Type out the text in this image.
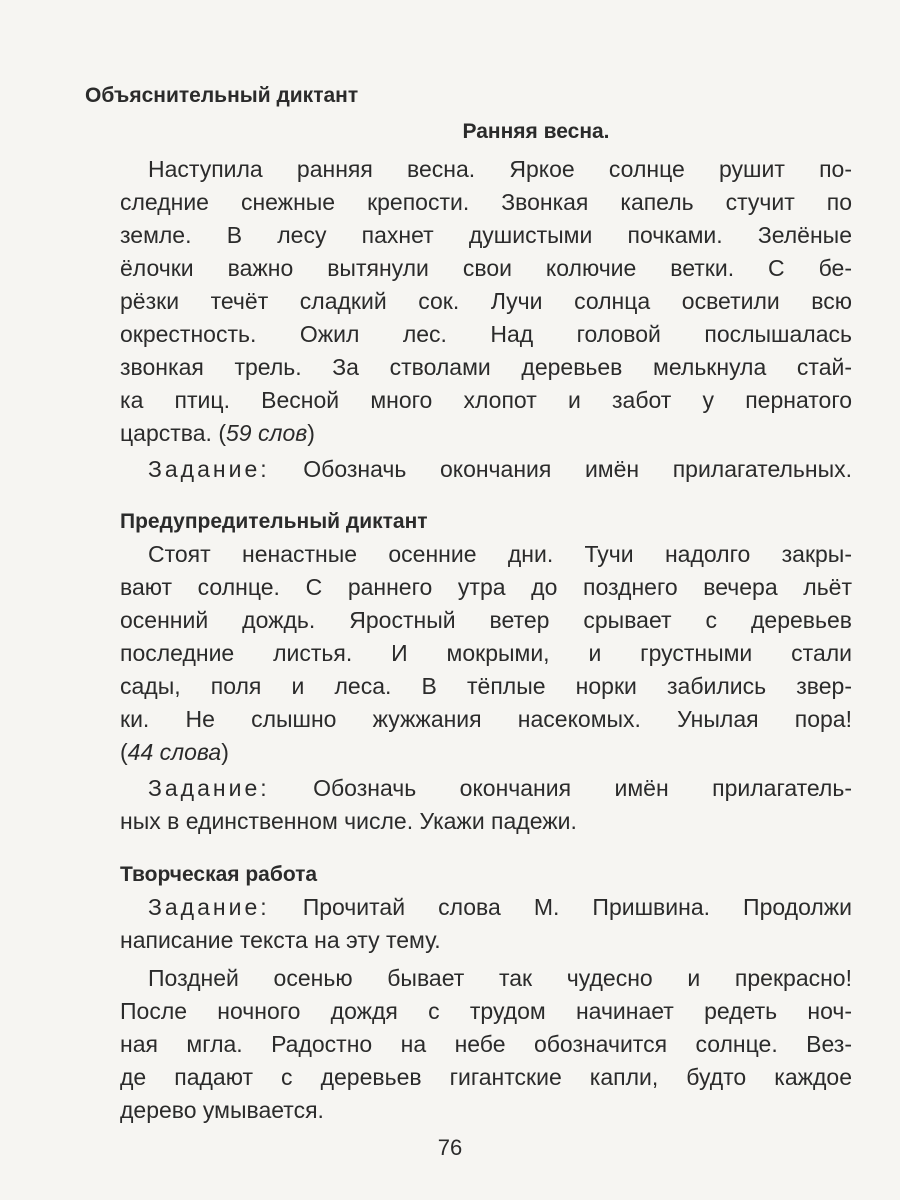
Объяснительный диктант
Ранняя весна.
Наступила ранняя весна. Яркое солнце рушит по-
следние снежные крепости. Звонкая капель стучит по
земле. В лесу пахнет душистыми почками. Зелёные
ёлочки важно вытянули свои колючие ветки. С бе-
рёзки течёт сладкий сок. Лучи солнца осветили всю
окрестность. Ожил лес. Над головой послышалась
звонкая трель. За стволами деревьев мелькнула стай-
ка птиц. Весной много хлопот и забот у пернатого
царства. ( 59 слов )
Задание: Обозначь окончания имён прилагательных.
Предупредительный диктант
Стоят ненастные осенние дни. Тучи надолго закры-
вают солнце. С раннего утра до позднего вечера льёт
осенний дождь. Яростный ветер срывает с деревьев
последние листья. И мокрыми, и грустными стали
сады, поля и леса. В тёплые норки забились звер-
ки. Не слышно жужжания насекомых. Унылая пора!
( 44 слова )
Задание: Обозначь окончания имён прилагатель-
ных в единственном числе. Укажи падежи.
Творческая работа
Задание: Прочитай слова М. Пришвина. Продолжи
написание текста на эту тему.
Поздней осенью бывает так чудесно и прекрасно!
После ночного дождя с трудом начинает редеть ноч-
ная мгла. Радостно на небе обозначится солнце. Вез-
де падают с деревьев гигантские капли, будто каждое
дерево умывается.
76
